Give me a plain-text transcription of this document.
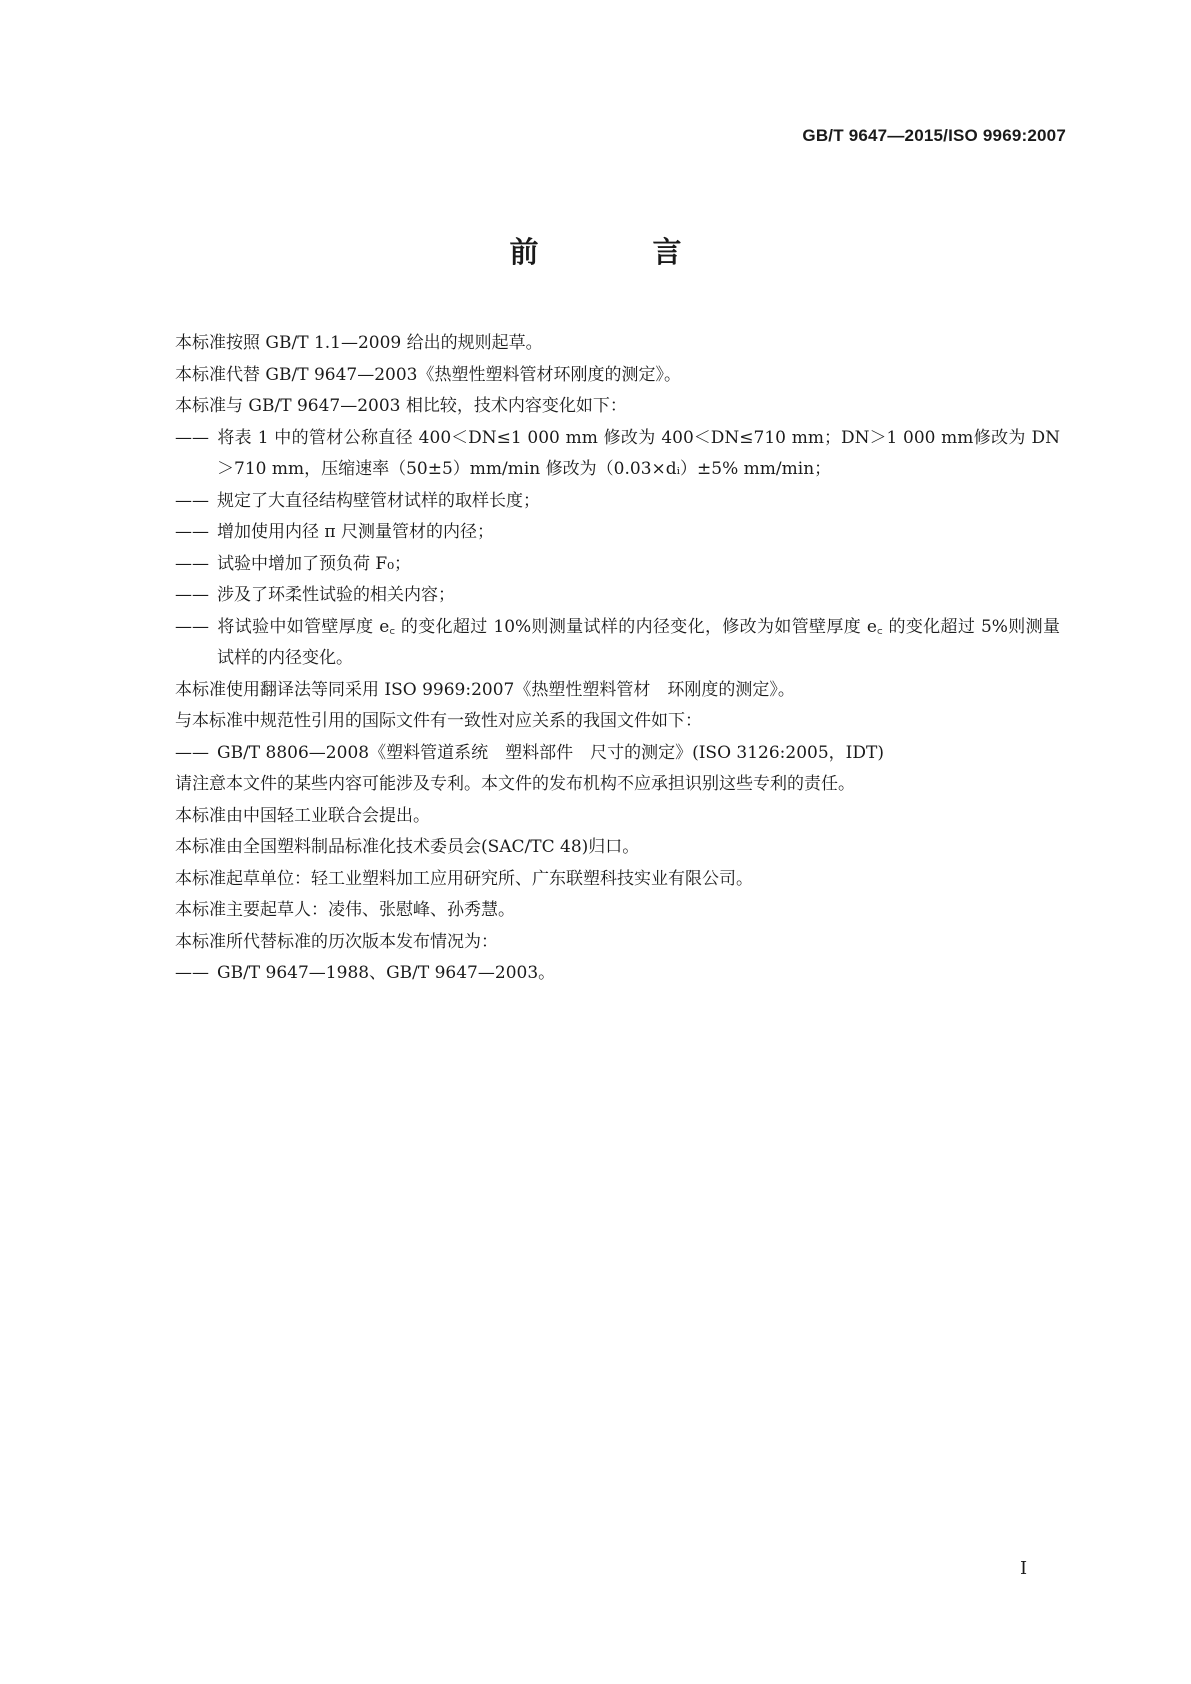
GB/T 9647—2015/ISO 9969:2007
前 言

本标准按照 GB/T 1.1—2009 给出的规则起草。

本标准代替 GB/T 9647—2003《热塑性塑料管材环刚度的测定》。

本标准与 GB/T 9647—2003 相比较，技术内容变化如下：

—— 将表 1 中的管材公称直径 400＜DN≤1 000 mm 修改为 400＜DN≤710 mm；DN＞1 000 mm修改为 DN＞710 mm，压缩速率（50±5）mm/min 修改为（0.03×dᵢ）±5% mm/min；

—— 规定了大直径结构壁管材试样的取样长度；

—— 增加使用内径 π 尺测量管材的内径；

—— 试验中增加了预负荷 F₀；

—— 涉及了环柔性试验的相关内容；

—— 将试验中如管壁厚度 e꜀ 的变化超过 10%则测量试样的内径变化，修改为如管壁厚度 e꜀ 的变化超过 5%则测量试样的内径变化。

本标准使用翻译法等同采用 ISO 9969:2007《热塑性塑料管材　环刚度的测定》。

与本标准中规范性引用的国际文件有一致性对应关系的我国文件如下：

—— GB/T 8806—2008《塑料管道系统　塑料部件　尺寸的测定》(ISO 3126:2005，IDT)

请注意本文件的某些内容可能涉及专利。本文件的发布机构不应承担识别这些专利的责任。

本标准由中国轻工业联合会提出。

本标准由全国塑料制品标准化技术委员会(SAC/TC 48)归口。

本标准起草单位：轻工业塑料加工应用研究所、广东联塑科技实业有限公司。

本标准主要起草人：凌伟、张慰峰、孙秀慧。

本标准所代替标准的历次版本发布情况为：

—— GB/T 9647—1988、GB/T 9647—2003。

I
